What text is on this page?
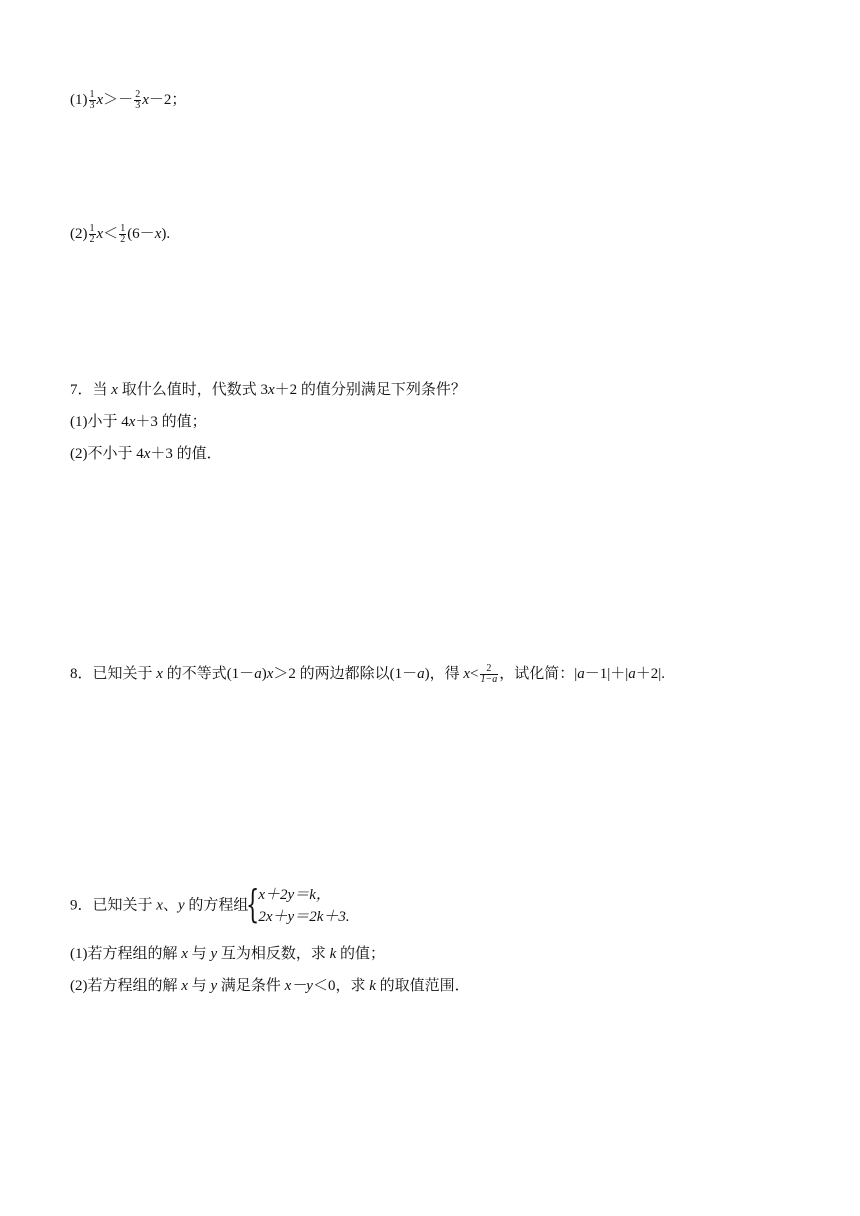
$(1) \frac{1}{3} x>- \frac{2}{3} x-2$；
$(2) \frac{1}{2} x< \frac{1}{2} (6-x)$.
7．当 x 取什么值时，代数式 3x＋2 的值分别满足下列条件？
(1)小于 4x＋3 的值；
(2)不小于 4x＋3 的值．
8．已知关于 x 的不等式(1－a)x＞2 的两边都除以(1－a)，得 $x< \frac{2}{1-a}$ ，试化简：|a－1|＋|a＋2|.
9．已知关于 x、y 的方程组
{
x＋2y＝k，
2x＋y＝2k＋3.
(1)若方程组的解 x 与 y 互为相反数，求 k 的值；
(2)若方程组的解 x 与 y 满足条件 x－y＜0，求 k 的取值范围．
